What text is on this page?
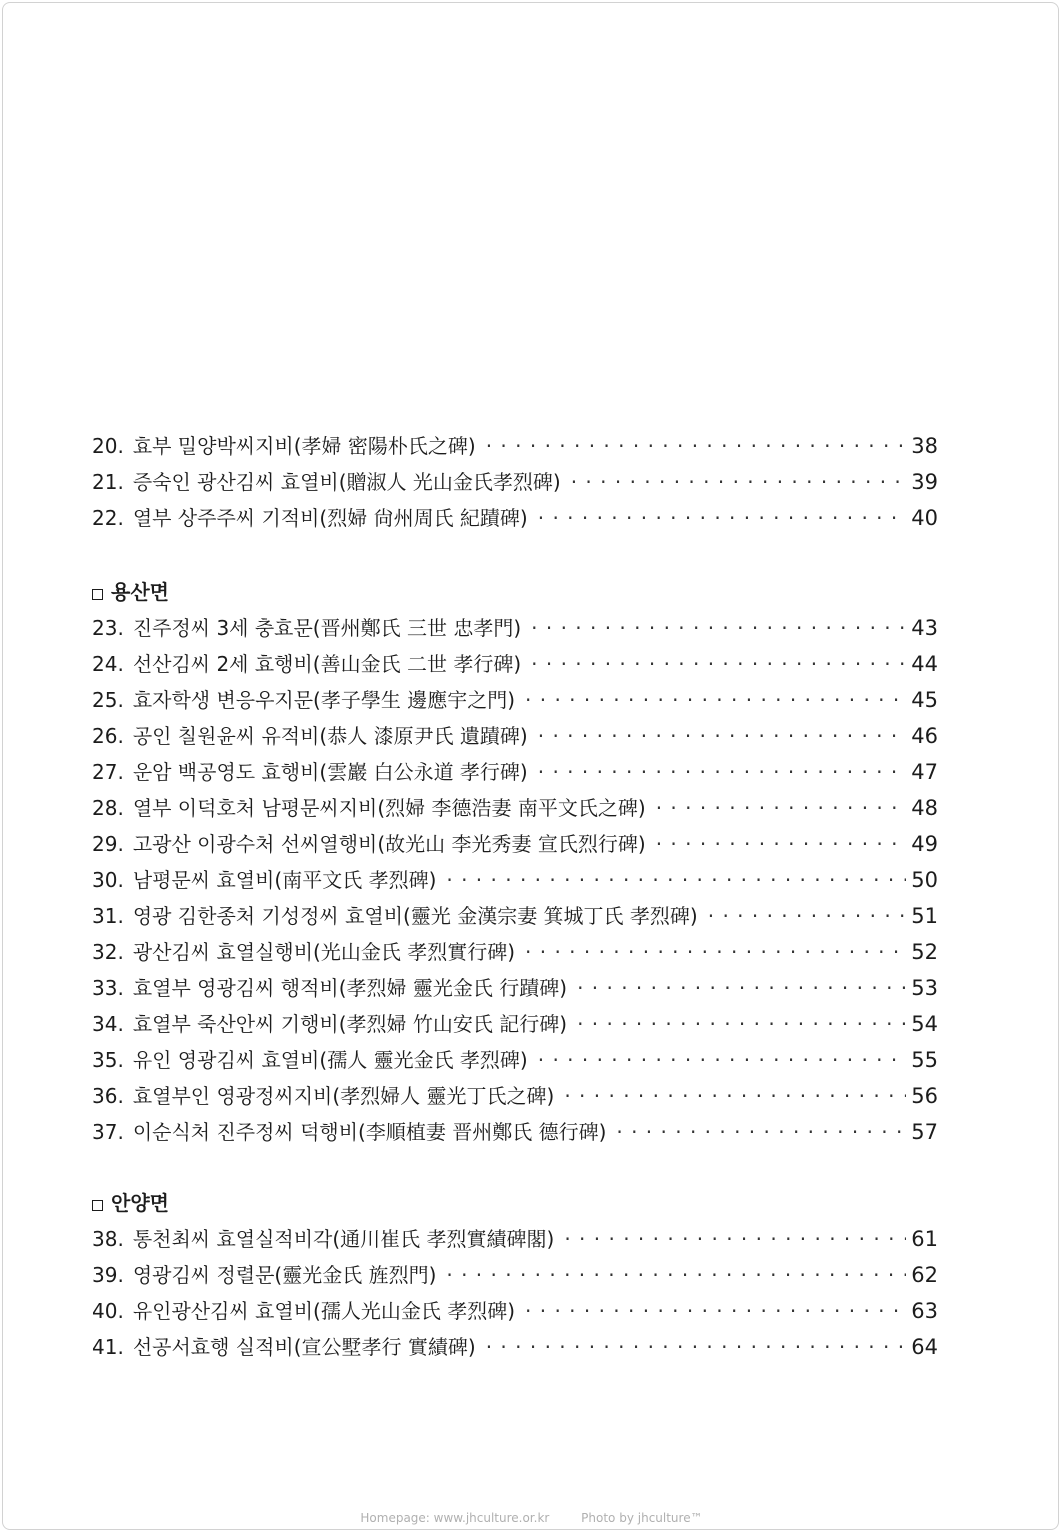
20. 효부 밀양박씨지비(孝婦 密陽朴氏之碑) · · ·	38
21. 증숙인 광산김씨 효열비(贈淑人 光山金氏孝烈碑) · · ·	39
22. 열부 상주주씨 기적비(烈婦 尙州周氏 紀蹟碑) · · ·	40
용산면
23. 진주정씨 3세 충효문(晋州鄭氏 三世 忠孝門) · · ·	43
24. 선산김씨 2세 효행비(善山金氏 二世 孝行碑) · · ·	44
25. 효자학생 변응우지문(孝子學生 邊應宇之門) · · ·	45
26. 공인 칠원윤씨 유적비(恭人 漆原尹氏 遺蹟碑) · · ·	46
27. 운암 백공영도 효행비(雲巖 白公永道 孝行碑) · · ·	47
28. 열부 이덕호처 남평문씨지비(烈婦 李德浩妻 南平文氏之碑) · · ·	48
29. 고광산 이광수처 선씨열행비(故光山 李光秀妻 宣氏烈行碑) · · ·	49
30. 남평문씨 효열비(南平文氏 孝烈碑) · · ·	50
31. 영광 김한종처 기성정씨 효열비(靈光 金漢宗妻 箕城丁氏 孝烈碑) · · ·	51
32. 광산김씨 효열실행비(光山金氏 孝烈實行碑) · · ·	52
33. 효열부 영광김씨 행적비(孝烈婦 靈光金氏 行蹟碑) · · ·	53
34. 효열부 죽산안씨 기행비(孝烈婦 竹山安氏 記行碑) · · ·	54
35. 유인 영광김씨 효열비(孺人 靈光金氏 孝烈碑) · · ·	55
36. 효열부인 영광정씨지비(孝烈婦人 靈光丁氏之碑) · · ·	56
37. 이순식처 진주정씨 덕행비(李順植妻 晋州鄭氏 德行碑) · · ·	57
안양면
38. 통천최씨 효열실적비각(通川崔氏 孝烈實績碑閣) · · ·	61
39. 영광김씨 정렬문(靈光金氏 旌烈門) · · ·	62
40. 유인광산김씨 효열비(孺人光山金氏 孝烈碑) · · ·	63
41. 선공서효행 실적비(宣公墅孝行 實績碑) · · ·	64
Homepage: www.jhculture.or.kr	Photo by jhculture™
